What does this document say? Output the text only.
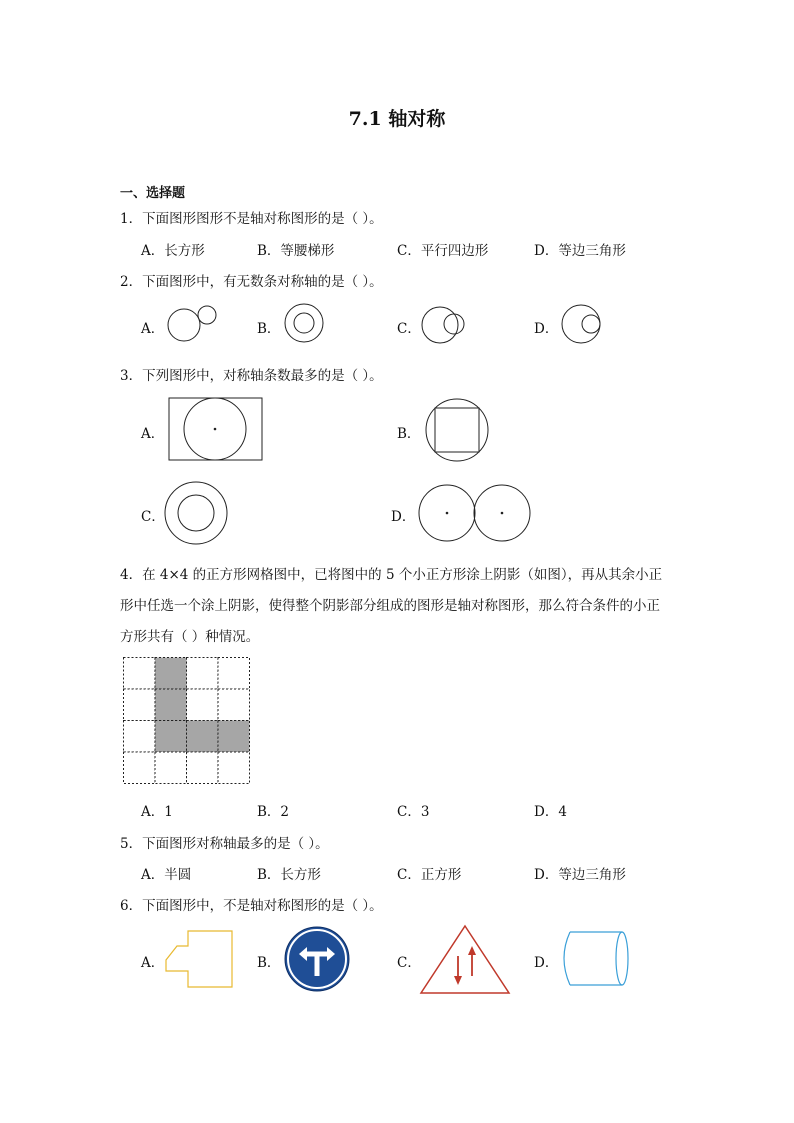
7.1 轴对称
一、选择题
1．下面图形图形不是轴对称图形的是（ ）。
A．长方形	B．等腰梯形	C．平行四边形	D．等边三角形
2．下面图形中，有无数条对称轴的是（ ）。
A．	B．	C．	D．
3．下列图形中，对称轴条数最多的是（ ）。
A．	B．
C．	D．
4．在 4×4 的正方形网格图中，已将图中的 5 个小正方形涂上阴影（如图），再从其余小正
形中任选一个涂上阴影，使得整个阴影部分组成的图形是轴对称图形，那么符合条件的小正
方形共有（ ）种情况。
A．1	B．2	C．3	D．4
5．下面图形对称轴最多的是（ ）。
A．半圆	B．长方形	C．正方形	D．等边三角形
6．下面图形中，不是轴对称图形的是（ ）。
A．	B．	C．	D．
